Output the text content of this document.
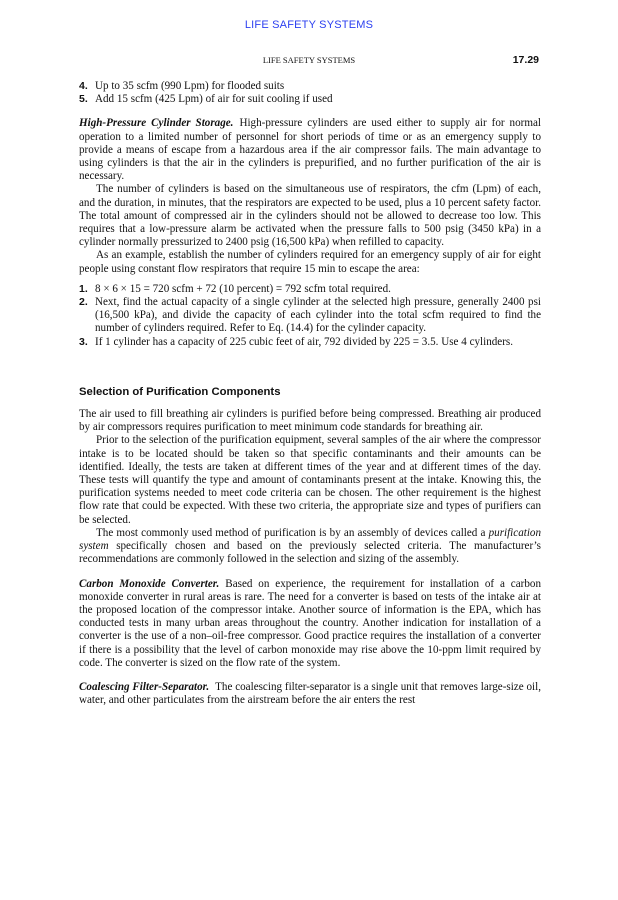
LIFE SAFETY SYSTEMS
LIFE SAFETY SYSTEMS	17.29
4. Up to 35 scfm (990 Lpm) for flooded suits
5. Add 15 scfm (425 Lpm) of air for suit cooling if used

High-Pressure Cylinder Storage. High-pressure cylinders are used either to supply air for normal operation to a limited number of personnel for short periods of time or as an emergency supply to provide a means of escape from a hazardous area if the air compressor fails. The main advantage to using cylinders is that the air in the cylinders is prepurified, and no further purification of the air is necessary.

The number of cylinders is based on the simultaneous use of respirators, the cfm (Lpm) of each, and the duration, in minutes, that the respirators are expected to be used, plus a 10 percent safety factor. The total amount of compressed air in the cylinders should not be allowed to decrease too low. This requires that a low-pressure alarm be activated when the pressure falls to 500 psig (3450 kPa) in a cylinder normally pressurized to 2400 psig (16,500 kPa) when refilled to capacity.

As an example, establish the number of cylinders required for an emergency supply of air for eight people using constant flow respirators that require 15 min to escape the area:

1. 8 × 6 × 15 = 720 scfm + 72 (10 percent) = 792 scfm total required.
2. Next, find the actual capacity of a single cylinder at the selected high pressure, generally 2400 psi (16,500 kPa), and divide the capacity of each cylinder into the total scfm required to find the number of cylinders required. Refer to Eq. (14.4) for the cylinder capacity.
3. If 1 cylinder has a capacity of 225 cubic feet of air, 792 divided by 225 = 3.5. Use 4 cylinders.
Selection of Purification Components

The air used to fill breathing air cylinders is purified before being compressed. Breathing air produced by air compressors requires purification to meet minimum code standards for breathing air.

Prior to the selection of the purification equipment, several samples of the air where the compressor intake is to be located should be taken so that specific contaminants and their amounts can be identified. Ideally, the tests are taken at different times of the year and at different times of the day. These tests will quantify the type and amount of contaminants present at the intake. Knowing this, the purification systems needed to meet code criteria can be chosen. The other requirement is the highest flow rate that could be expected. With these two criteria, the appropriate size and types of purifiers can be selected.

The most commonly used method of purification is by an assembly of devices called a purification system specifically chosen and based on the previously selected criteria. The manufacturer’s recommendations are commonly followed in the selection and sizing of the assembly.

Carbon Monoxide Converter. Based on experience, the requirement for installation of a carbon monoxide converter in rural areas is rare. The need for a converter is based on tests of the intake air at the proposed location of the compressor intake. Another source of information is the EPA, which has conducted tests in many urban areas throughout the country. Another indication for installation of a converter is the use of a non–oil-free compressor. Good practice requires the installation of a converter if there is a possibility that the level of carbon monoxide may rise above the 10-ppm limit required by code. The converter is sized on the flow rate of the system.

Coalescing Filter-Separator. The coalescing filter-separator is a single unit that removes large-size oil, water, and other particulates from the airstream before the air enters the rest
